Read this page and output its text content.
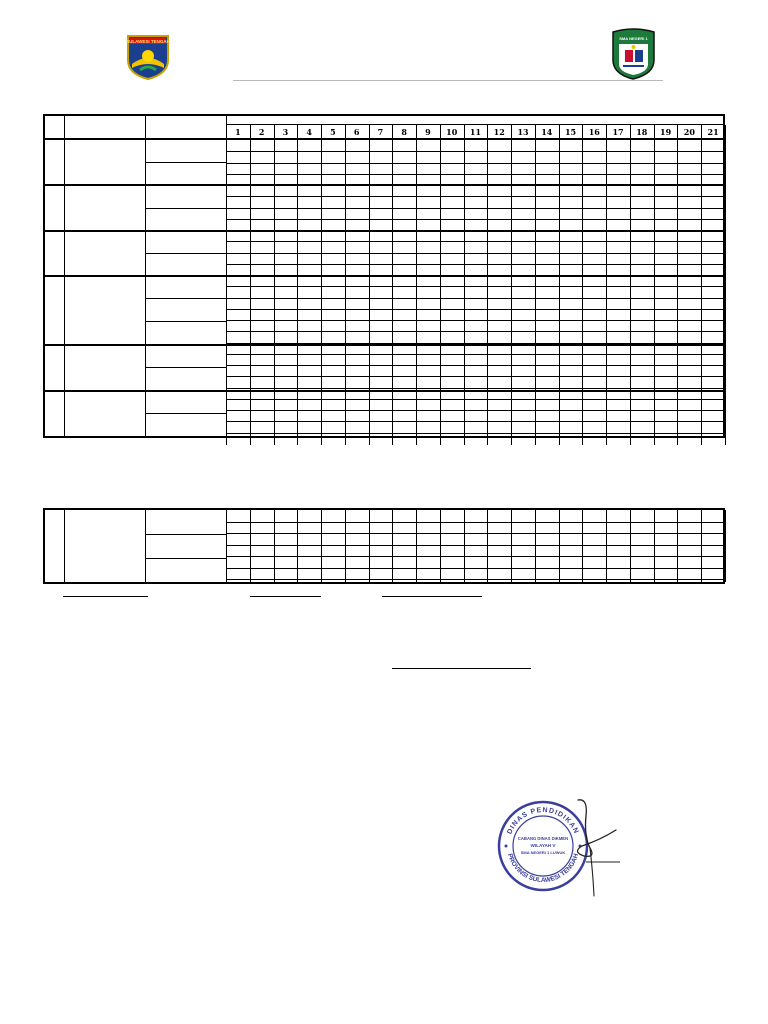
SULAWESI TENGAH
SMA NEGERI 1
1	2	3	4	5	6	7	8	9	10	11	12	13	14	15	16	17	18	19	20	21
DINAS PENDIDIKAN
PROVINSI SULAWESI TENGAH
CABANG DINAS DIKMEN
WILAYAH V
SMA NEGERI 1 LUWUK
